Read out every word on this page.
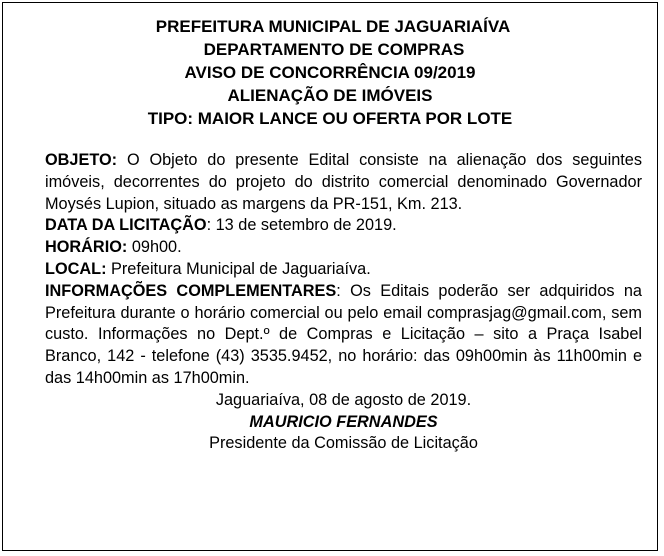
PREFEITURA MUNICIPAL DE JAGUARIAÍVA
DEPARTAMENTO DE COMPRAS
AVISO DE CONCORRÊNCIA 09/2019
ALIENAÇÃO DE IMÓVEIS
TIPO: MAIOR LANCE OU OFERTA POR LOTE

OBJETO: O Objeto do presente Edital consiste na alienação dos seguintes imóveis, decorrentes do projeto do distrito comercial denominado Governador Moysés Lupion, situado as margens da PR-151, Km. 213.

DATA DA LICITAÇÃO: 13 de setembro de 2019.

HORÁRIO: 09h00.

LOCAL: Prefeitura Municipal de Jaguariaíva.

INFORMAÇÕES COMPLEMENTARES: Os Editais poderão ser adquiridos na Prefeitura durante o horário comercial ou pelo email comprasjag@gmail.com, sem custo. Informações no Dept.º de Compras e Licitação – sito a Praça Isabel Branco, 142 - telefone (43) 3535.9452, no horário: das 09h00min às 11h00min e das 14h00min as 17h00min.

Jaguariaíva, 08 de agosto de 2019.

MAURICIO FERNANDES

Presidente da Comissão de Licitação
